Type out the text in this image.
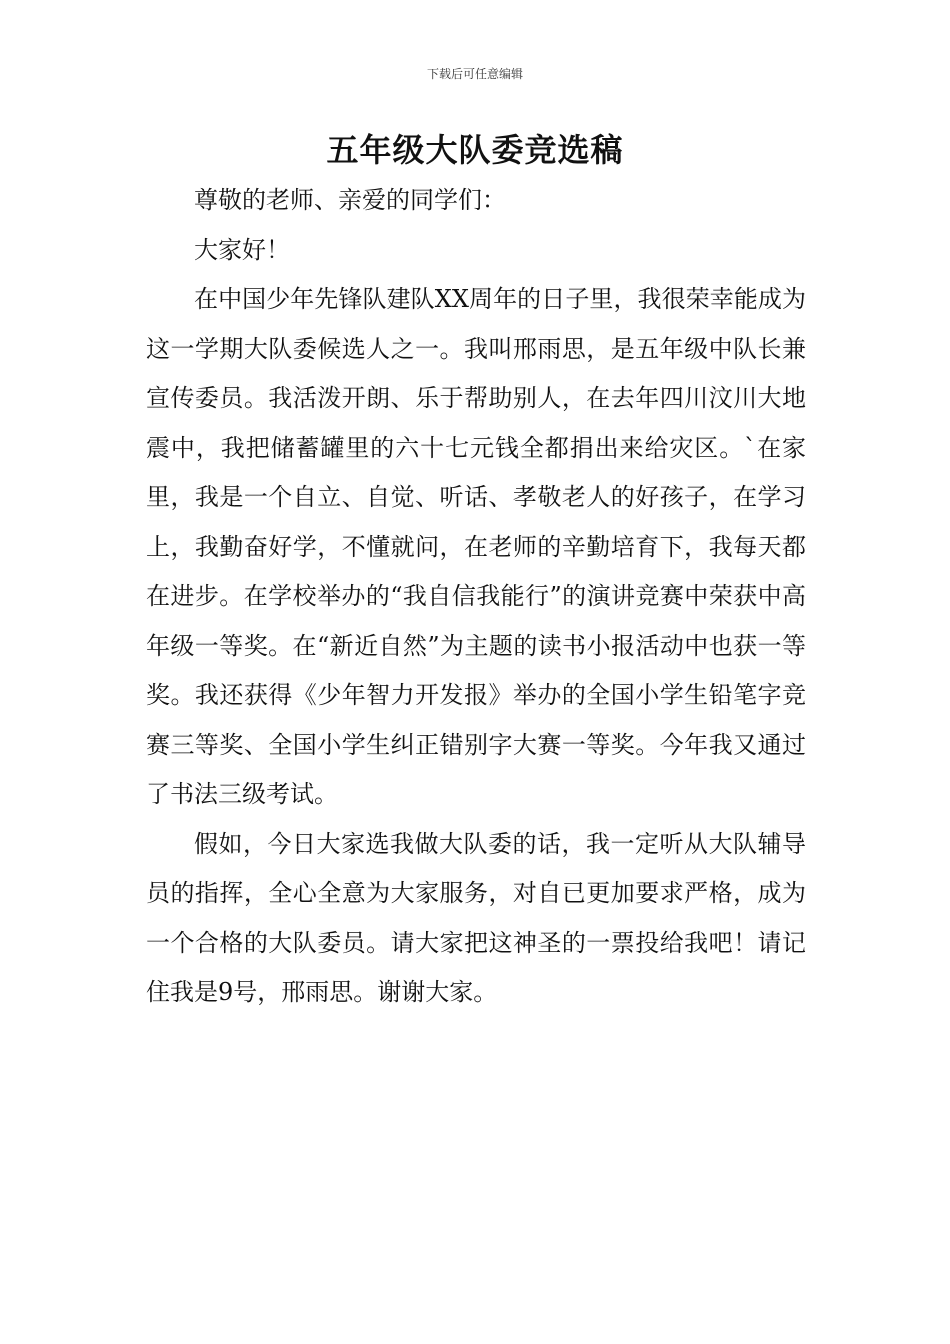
下载后可任意编辑
五年级大队委竞选稿

尊敬的老师、亲爱的同学们：

大家好！

在中国少年先锋队建队XX周年的日子里，我很荣幸能成为这一学期大队委候选人之一。我叫邢雨思，是五年级中队长兼宣传委员。我活泼开朗、乐于帮助别人，在去年四川汶川大地震中，我把储蓄罐里的六十七元钱全都捐出来给灾区。`在家里，我是一个自立、自觉、听话、孝敬老人的好孩子，在学习上，我勤奋好学，不懂就问，在老师的辛勤培育下，我每天都在进步。在学校举办的“我自信我能行”的演讲竞赛中荣获中高年级一等奖。在“新近自然”为主题的读书小报活动中也获一等奖。我还获得《少年智力开发报》举办的全国小学生铅笔字竞赛三等奖、全国小学生纠正错别字大赛一等奖。今年我又通过了书法三级考试。

假如，今日大家选我做大队委的话，我一定听从大队辅导员的指挥，全心全意为大家服务，对自已更加要求严格，成为一个合格的大队委员。请大家把这神圣的一票投给我吧！请记住我是9号，邢雨思。谢谢大家。
